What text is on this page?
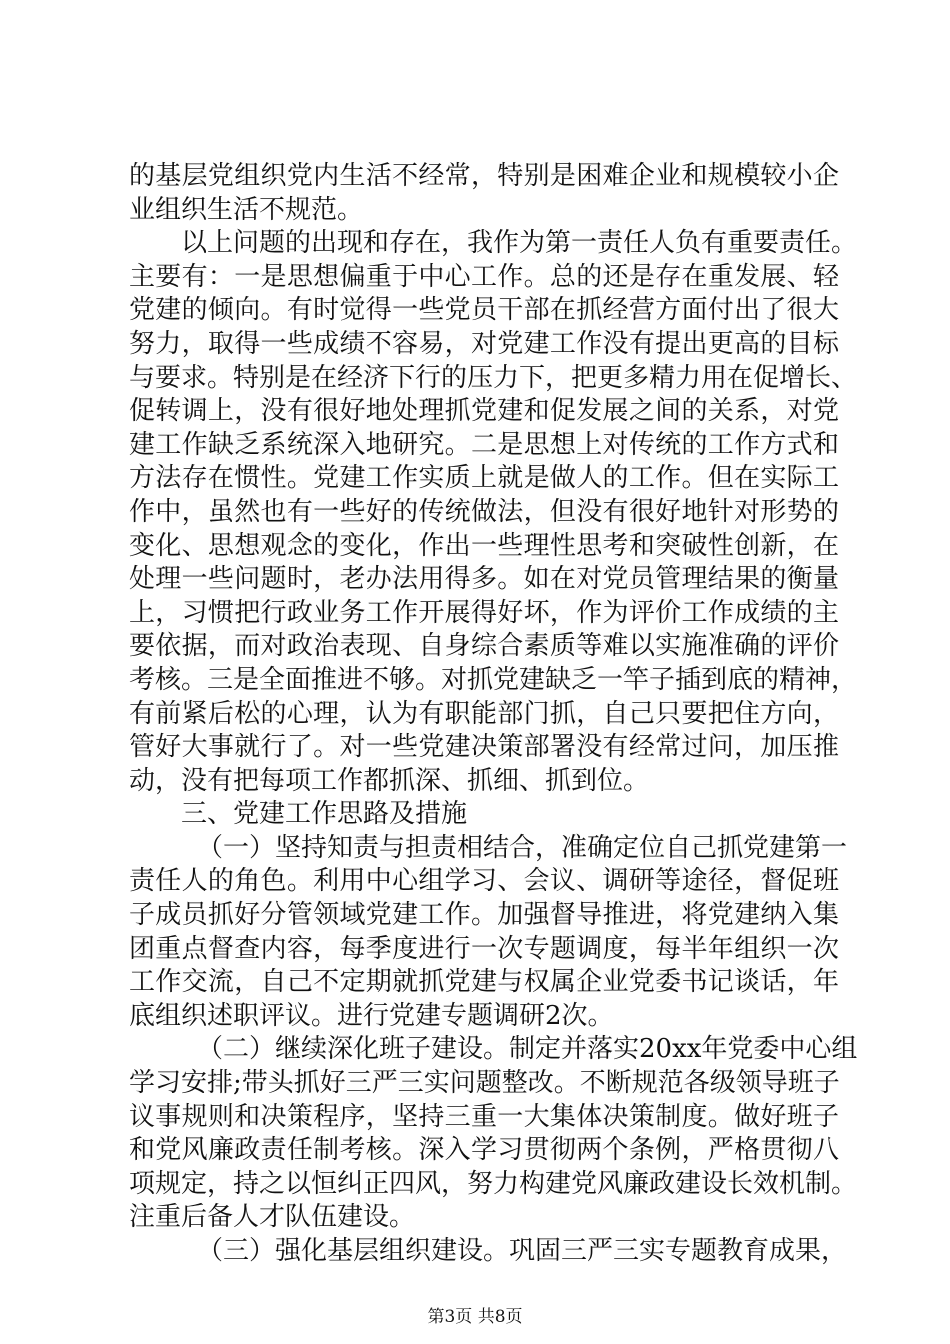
的基层党组织党内生活不经常，特别是困难企业和规模较小企
业组织生活不规范。
以上问题的出现和存在，我作为第一责任人负有重要责任。
主要有：一是思想偏重于中心工作。总的还是存在重发展、轻
党建的倾向。有时觉得一些党员干部在抓经营方面付出了很大
努力，取得一些成绩不容易，对党建工作没有提出更高的目标
与要求。特别是在经济下行的压力下，把更多精力用在促增长、
促转调上，没有很好地处理抓党建和促发展之间的关系，对党
建工作缺乏系统深入地研究。二是思想上对传统的工作方式和
方法存在惯性。党建工作实质上就是做人的工作。但在实际工
作中，虽然也有一些好的传统做法，但没有很好地针对形势的
变化、思想观念的变化，作出一些理性思考和突破性创新，在
处理一些问题时，老办法用得多。如在对党员管理结果的衡量
上，习惯把行政业务工作开展得好坏，作为评价工作成绩的主
要依据，而对政治表现、自身综合素质等难以实施准确的评价
考核。三是全面推进不够。对抓党建缺乏一竿子插到底的精神，
有前紧后松的心理，认为有职能部门抓，自己只要把住方向，
管好大事就行了。对一些党建决策部署没有经常过问，加压推
动，没有把每项工作都抓深、抓细、抓到位。
三、党建工作思路及措施
（一）坚持知责与担责相结合，准确定位自己抓党建第一
责任人的角色。利用中心组学习、会议、调研等途径，督促班
子成员抓好分管领域党建工作。加强督导推进，将党建纳入集
团重点督查内容，每季度进行一次专题调度，每半年组织一次
工作交流，自己不定期就抓党建与权属企业党委书记谈话，年
底组织述职评议。进行党建专题调研2次。
（二）继续深化班子建设。制定并落实20xx年党委中心组
学习安排;带头抓好三严三实问题整改。不断规范各级领导班子
议事规则和决策程序，坚持三重一大集体决策制度。做好班子
和党风廉政责任制考核。深入学习贯彻两个条例，严格贯彻八
项规定，持之以恒纠正四风，努力构建党风廉政建设长效机制。
注重后备人才队伍建设。
（三）强化基层组织建设。巩固三严三实专题教育成果，
第3页 共8页
